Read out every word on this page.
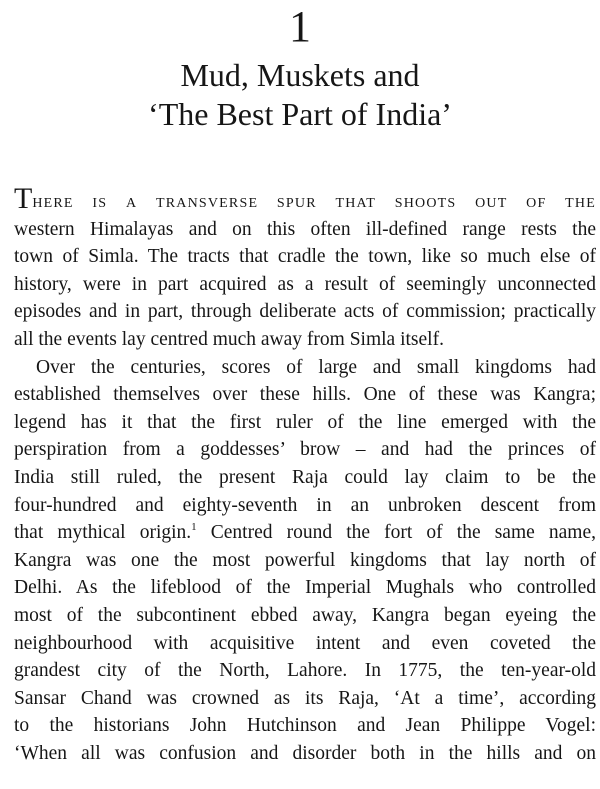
1
Mud, Muskets and
‘The Best Part of India’
There is a transverse spur that shoots out of the
western Himalayas and on this often ill-defined range rests the
town of Simla. The tracts that cradle the town, like so much else of
history, were in part acquired as a result of seemingly unconnected
episodes and in part, through deliberate acts of commission; practically
all the events lay centred much away from Simla itself.
Over the centuries, scores of large and small kingdoms had
established themselves over these hills. One of these was Kangra;
legend has it that the first ruler of the line emerged with the
perspiration from a goddesses’ brow – and had the princes of
India still ruled, the present Raja could lay claim to be the
four-hundred and eighty-seventh in an unbroken descent from
that mythical origin.$^1$ Centred round the fort of the same name,
Kangra was one the most powerful kingdoms that lay north of
Delhi. As the lifeblood of the Imperial Mughals who controlled
most of the subcontinent ebbed away, Kangra began eyeing the
neighbourhood with acquisitive intent and even coveted the
grandest city of the North, Lahore. In 1775, the ten-year-old
Sansar Chand was crowned as its Raja, ‘At a time’, according
to the historians John Hutchinson and Jean Philippe Vogel:
‘When all was confusion and disorder both in the hills and on
